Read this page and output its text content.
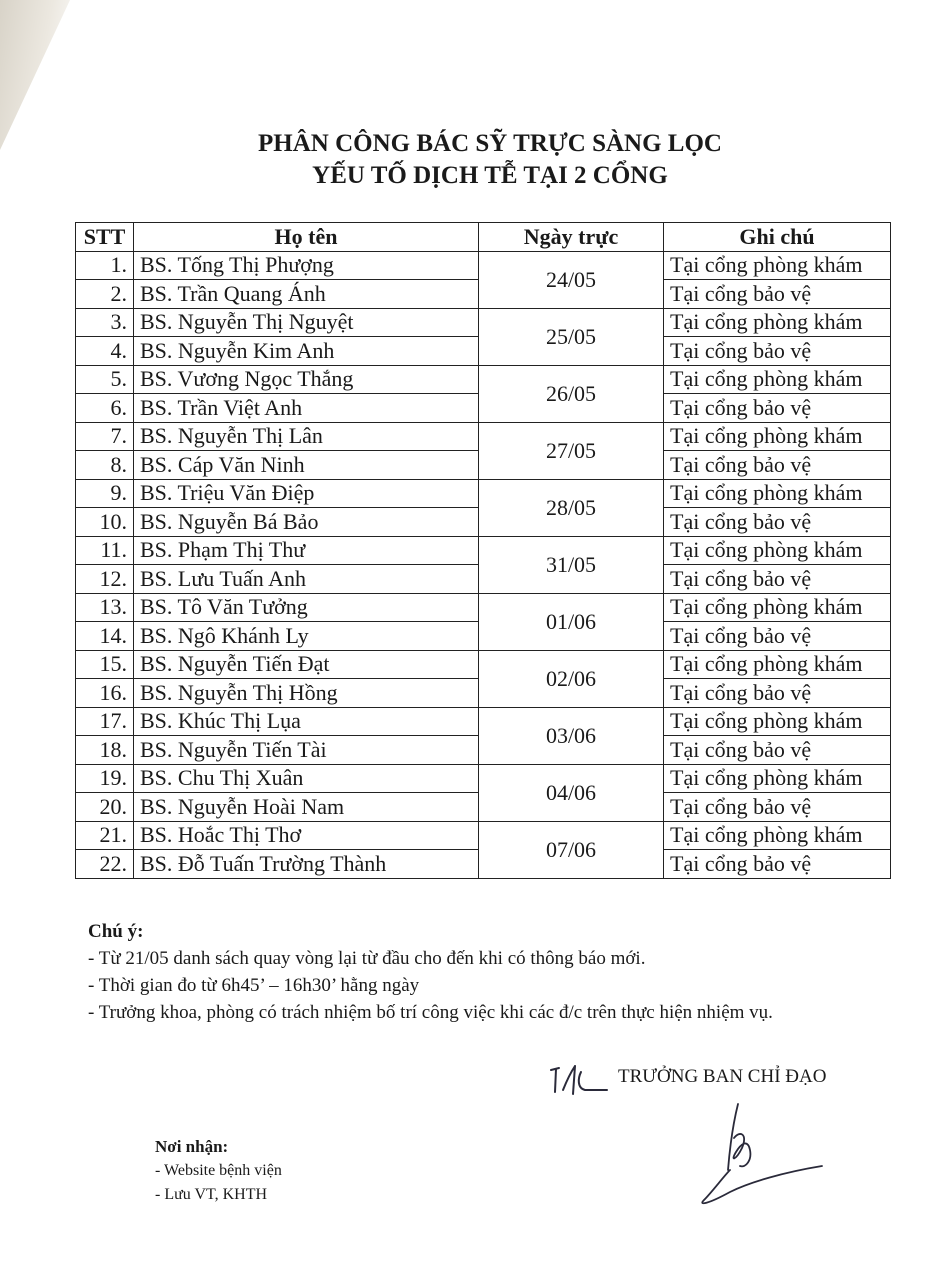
PHÂN CÔNG BÁC SỸ TRỰC SÀNG LỌC
YẾU TỐ DỊCH TỄ TẠI 2 CỔNG
STT	Họ tên	Ngày trực	Ghi chú
1.	BS. Tống Thị Phượng	24/05	Tại cổng phòng khám
2.	BS. Trần Quang Ánh		Tại cổng bảo vệ
3.	BS. Nguyễn Thị Nguyệt	25/05	Tại cổng phòng khám
4.	BS. Nguyễn Kim Anh		Tại cổng bảo vệ
5.	BS. Vương Ngọc Thắng	26/05	Tại cổng phòng khám
6.	BS. Trần Việt Anh		Tại cổng bảo vệ
7.	BS. Nguyễn Thị Lân	27/05	Tại cổng phòng khám
8.	BS. Cáp Văn Ninh		Tại cổng bảo vệ
9.	BS. Triệu Văn Điệp	28/05	Tại cổng phòng khám
10.	BS. Nguyễn Bá Bảo		Tại cổng bảo vệ
11.	BS. Phạm Thị Thư	31/05	Tại cổng phòng khám
12.	BS. Lưu Tuấn Anh		Tại cổng bảo vệ
13.	BS. Tô Văn Tưởng	01/06	Tại cổng phòng khám
14.	BS. Ngô Khánh Ly		Tại cổng bảo vệ
15.	BS. Nguyễn Tiến Đạt	02/06	Tại cổng phòng khám
16.	BS. Nguyễn Thị Hồng		Tại cổng bảo vệ
17.	BS. Khúc Thị Lụa	03/06	Tại cổng phòng khám
18.	BS. Nguyễn Tiến Tài		Tại cổng bảo vệ
19.	BS. Chu Thị Xuân	04/06	Tại cổng phòng khám
20.	BS. Nguyễn Hoài Nam		Tại cổng bảo vệ
21.	BS. Hoắc Thị Thơ	07/06	Tại cổng phòng khám
22.	BS. Đỗ Tuấn Trường Thành		Tại cổng bảo vệ

Chú ý:

- Từ 21/05 danh sách quay vòng lại từ đầu cho đến khi có thông báo mới.

- Thời gian đo từ 6h45’ – 16h30’ hằng ngày

- Trưởng khoa, phòng có trách nhiệm bố trí công việc khi các đ/c trên thực hiện nhiệm vụ.

TRƯỞNG BAN CHỈ ĐẠO
Nơi nhận:
- Website bệnh viện
- Lưu VT, KHTH
